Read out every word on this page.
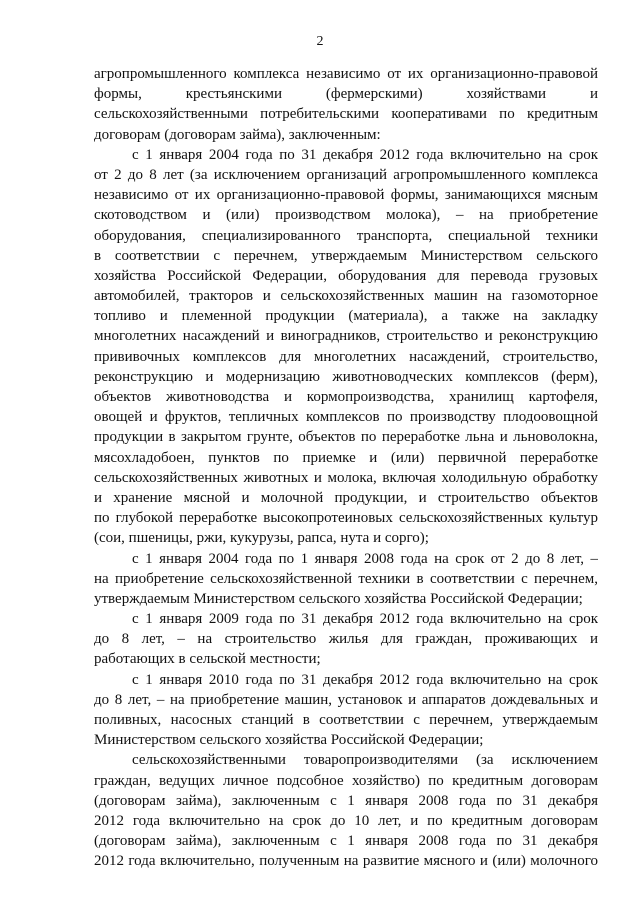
2
агропромышленного комплекса независимо от их организационно-правовой
формы, крестьянскими (фермерскими) хозяйствами и
сельскохозяйственными потребительскими кооперативами по кредитным
договорам (договорам займа), заключенным:
с 1 января 2004 года по 31 декабря 2012 года включительно на срок
от 2 до 8 лет (за исключением организаций агропромышленного комплекса
независимо от их организационно-правовой формы, занимающихся мясным
скотоводством и (или) производством молока), – на приобретение
оборудования, специализированного транспорта, специальной техники
в соответствии с перечнем, утверждаемым Министерством сельского
хозяйства Российской Федерации, оборудования для перевода грузовых
автомобилей, тракторов и сельскохозяйственных машин на газомоторное
топливо и племенной продукции (материала), а также на закладку
многолетних насаждений и виноградников, строительство и реконструкцию
прививочных комплексов для многолетних насаждений, строительство,
реконструкцию и модернизацию животноводческих комплексов (ферм),
объектов животноводства и кормопроизводства, хранилищ картофеля,
овощей и фруктов, тепличных комплексов по производству плодоовощной
продукции в закрытом грунте, объектов по переработке льна и льноволокна,
мясохладобоен, пунктов по приемке и (или) первичной переработке
сельскохозяйственных животных и молока, включая холодильную обработку
и хранение мясной и молочной продукции, и строительство объектов
по глубокой переработке высокопротеиновых сельскохозяйственных культур
(сои, пшеницы, ржи, кукурузы, рапса, нута и сорго);
с 1 января 2004 года по 1 января 2008 года на срок от 2 до 8 лет, –
на приобретение сельскохозяйственной техники в соответствии с перечнем,
утверждаемым Министерством сельского хозяйства Российской Федерации;
с 1 января 2009 года по 31 декабря 2012 года включительно на срок
до 8 лет, – на строительство жилья для граждан, проживающих и
работающих в сельской местности;
с 1 января 2010 года по 31 декабря 2012 года включительно на срок
до 8 лет, – на приобретение машин, установок и аппаратов дождевальных и
поливных, насосных станций в соответствии с перечнем, утверждаемым
Министерством сельского хозяйства Российской Федерации;
сельскохозяйственными товаропроизводителями (за исключением
граждан, ведущих личное подсобное хозяйство) по кредитным договорам
(договорам займа), заключенным с 1 января 2008 года по 31 декабря
2012 года включительно на срок до 10 лет, и по кредитным договорам
(договорам займа), заключенным с 1 января 2008 года по 31 декабря
2012 года включительно, полученным на развитие мясного и (или) молочного
